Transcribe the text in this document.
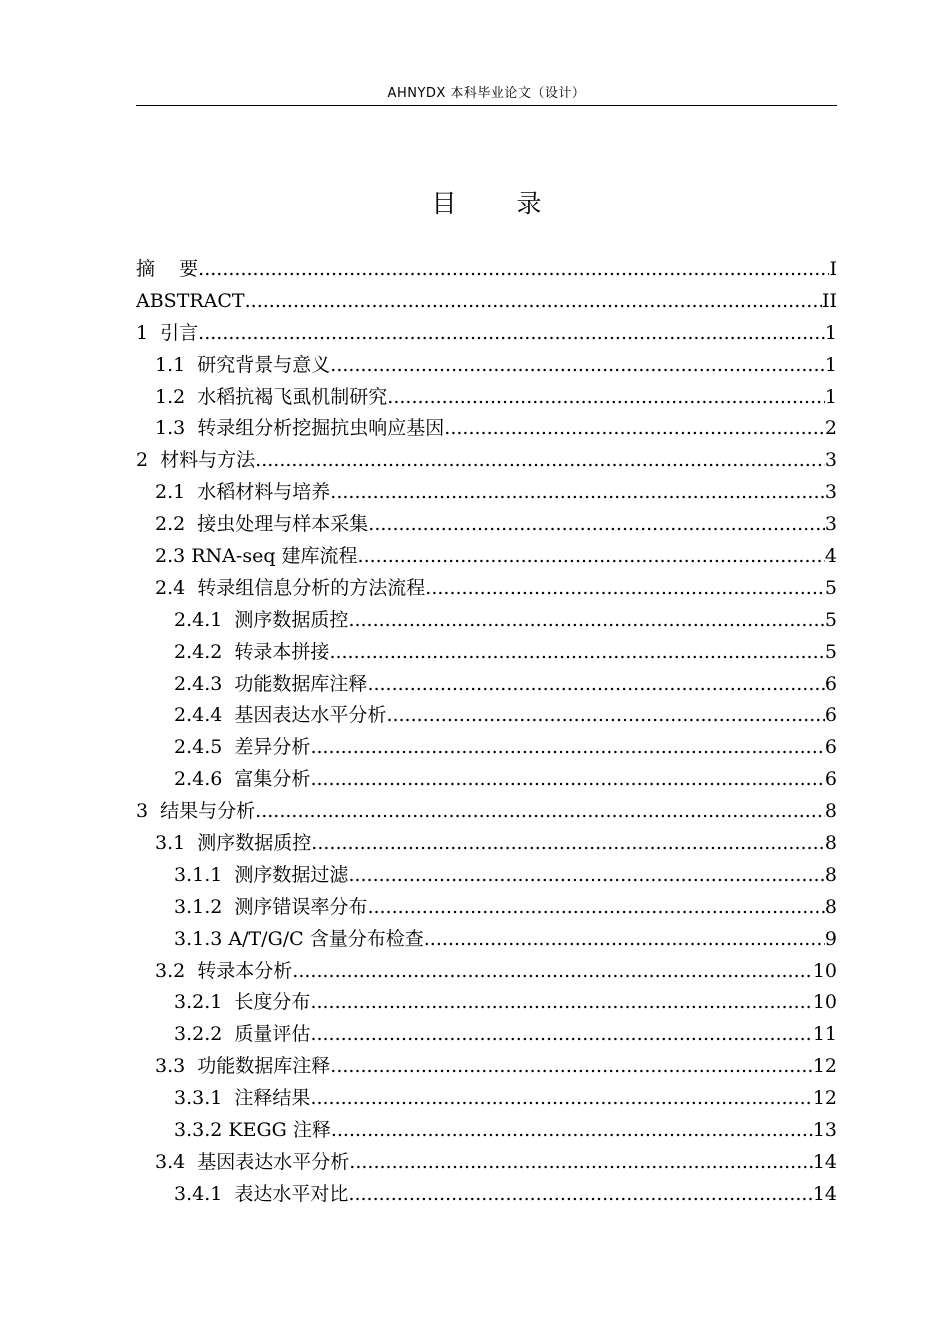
AHNYDX 本科毕业论文（设计）
目 录
摘    要 .....	I
ABSTRACT .....	II
1  引言 .....	1
1.1  研究背景与意义 .....	1
1.2  水稻抗褐飞虱机制研究 .....	1
1.3  转录组分析挖掘抗虫响应基因 .....	2
2  材料与方法 .....	3
2.1  水稻材料与培养 .....	3
2.2  接虫处理与样本采集 .....	3
2.3 RNA-seq 建库流程 .....	4
2.4  转录组信息分析的方法流程 .....	5
2.4.1  测序数据质控 .....	5
2.4.2  转录本拼接 .....	5
2.4.3  功能数据库注释 .....	6
2.4.4  基因表达水平分析 .....	6
2.4.5  差异分析 .....	6
2.4.6  富集分析 .....	6
3  结果与分析 .....	8
3.1  测序数据质控 .....	8
3.1.1  测序数据过滤 .....	8
3.1.2  测序错误率分布 .....	8
3.1.3 A/T/G/C 含量分布检查 .....	9
3.2  转录本分析 .....	10
3.2.1  长度分布 .....	10
3.2.2  质量评估 .....	11
3.3  功能数据库注释 .....	12
3.3.1  注释结果 .....	12
3.3.2 KEGG 注释 .....	13
3.4  基因表达水平分析 .....	14
3.4.1  表达水平对比 .....	14
